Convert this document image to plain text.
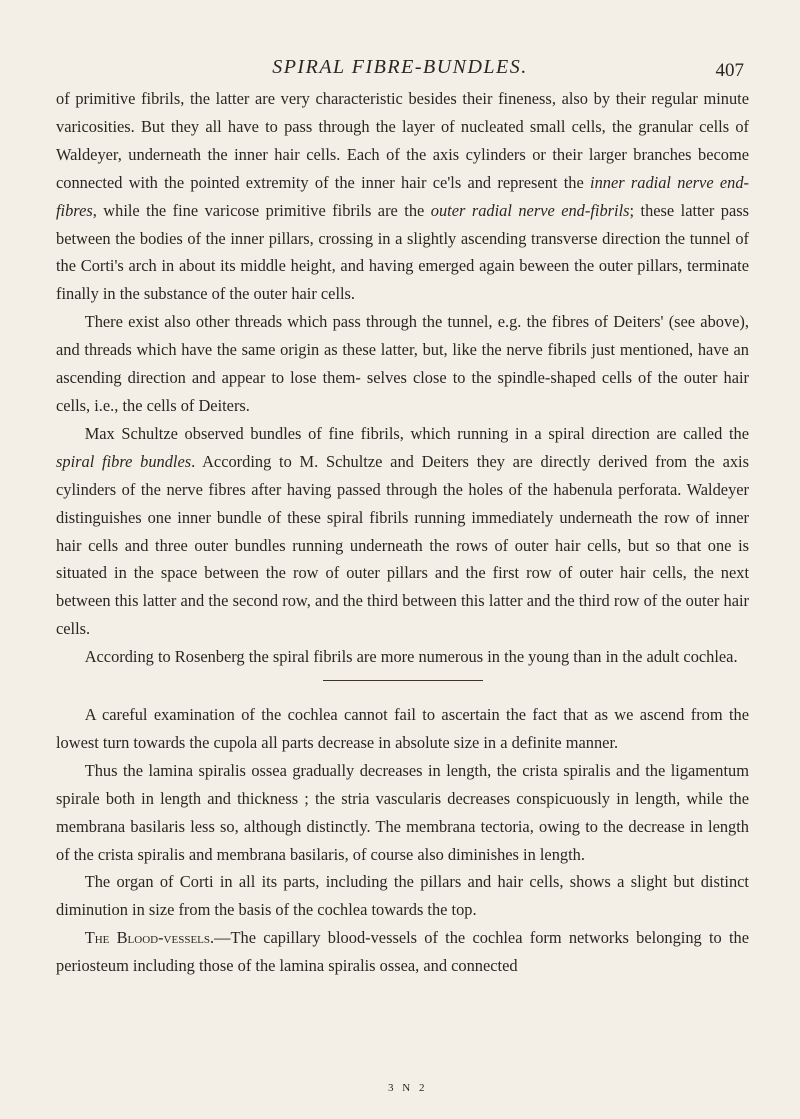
SPIRAL FIBRE-BUNDLES.	407

of primitive fibrils, the latter are very characteristic besides their fineness, also by their regular minute varicosities. But they all have to pass through the layer of nucleated small cells, the granular cells of Waldeyer, underneath the inner hair cells. Each of the axis cylinders or their larger branches become connected with the pointed extremity of the inner hair ce'ls and represent the inner radial nerve end-fibres, while the fine varicose primitive fibrils are the outer radial nerve end-fibrils; these latter pass between the bodies of the inner pillars, crossing in a slightly ascending transverse direction the tunnel of the Corti's arch in about its middle height, and having emerged again beween the outer pillars, terminate finally in the substance of the outer hair cells.

There exist also other threads which pass through the tunnel, e.g. the fibres of Deiters' (see above), and threads which have the same origin as these latter, but, like the nerve fibrils just mentioned, have an ascending direction and appear to lose them- selves close to the spindle-shaped cells of the outer hair cells, i.e., the cells of Deiters.

Max Schultze observed bundles of fine fibrils, which running in a spiral direction are called the spiral fibre bundles. According to M. Schultze and Deiters they are directly derived from the axis cylinders of the nerve fibres after having passed through the holes of the habenula perforata. Waldeyer distinguishes one inner bundle of these spiral fibrils running immediately underneath the row of inner hair cells and three outer bundles running underneath the rows of outer hair cells, but so that one is situated in the space between the row of outer pillars and the first row of outer hair cells, the next between this latter and the second row, and the third between this latter and the third row of the outer hair cells.

According to Rosenberg the spiral fibrils are more numerous in the young than in the adult cochlea.

A careful examination of the cochlea cannot fail to ascertain the fact that as we ascend from the lowest turn towards the cupola all parts decrease in absolute size in a definite manner.

Thus the lamina spiralis ossea gradually decreases in length, the crista spiralis and the ligamentum spirale both in length and thickness ; the stria vascularis decreases conspicuously in length, while the membrana basilaris less so, although distinctly. The membrana tectoria, owing to the decrease in length of the crista spiralis and membrana basilaris, of course also diminishes in length.

The organ of Corti in all its parts, including the pillars and hair cells, shows a slight but distinct diminution in size from the basis of the cochlea towards the top.

The Blood-vessels.—The capillary blood-vessels of the cochlea form networks belonging to the periosteum including those of the lamina spiralis ossea, and connected

3 N 2
